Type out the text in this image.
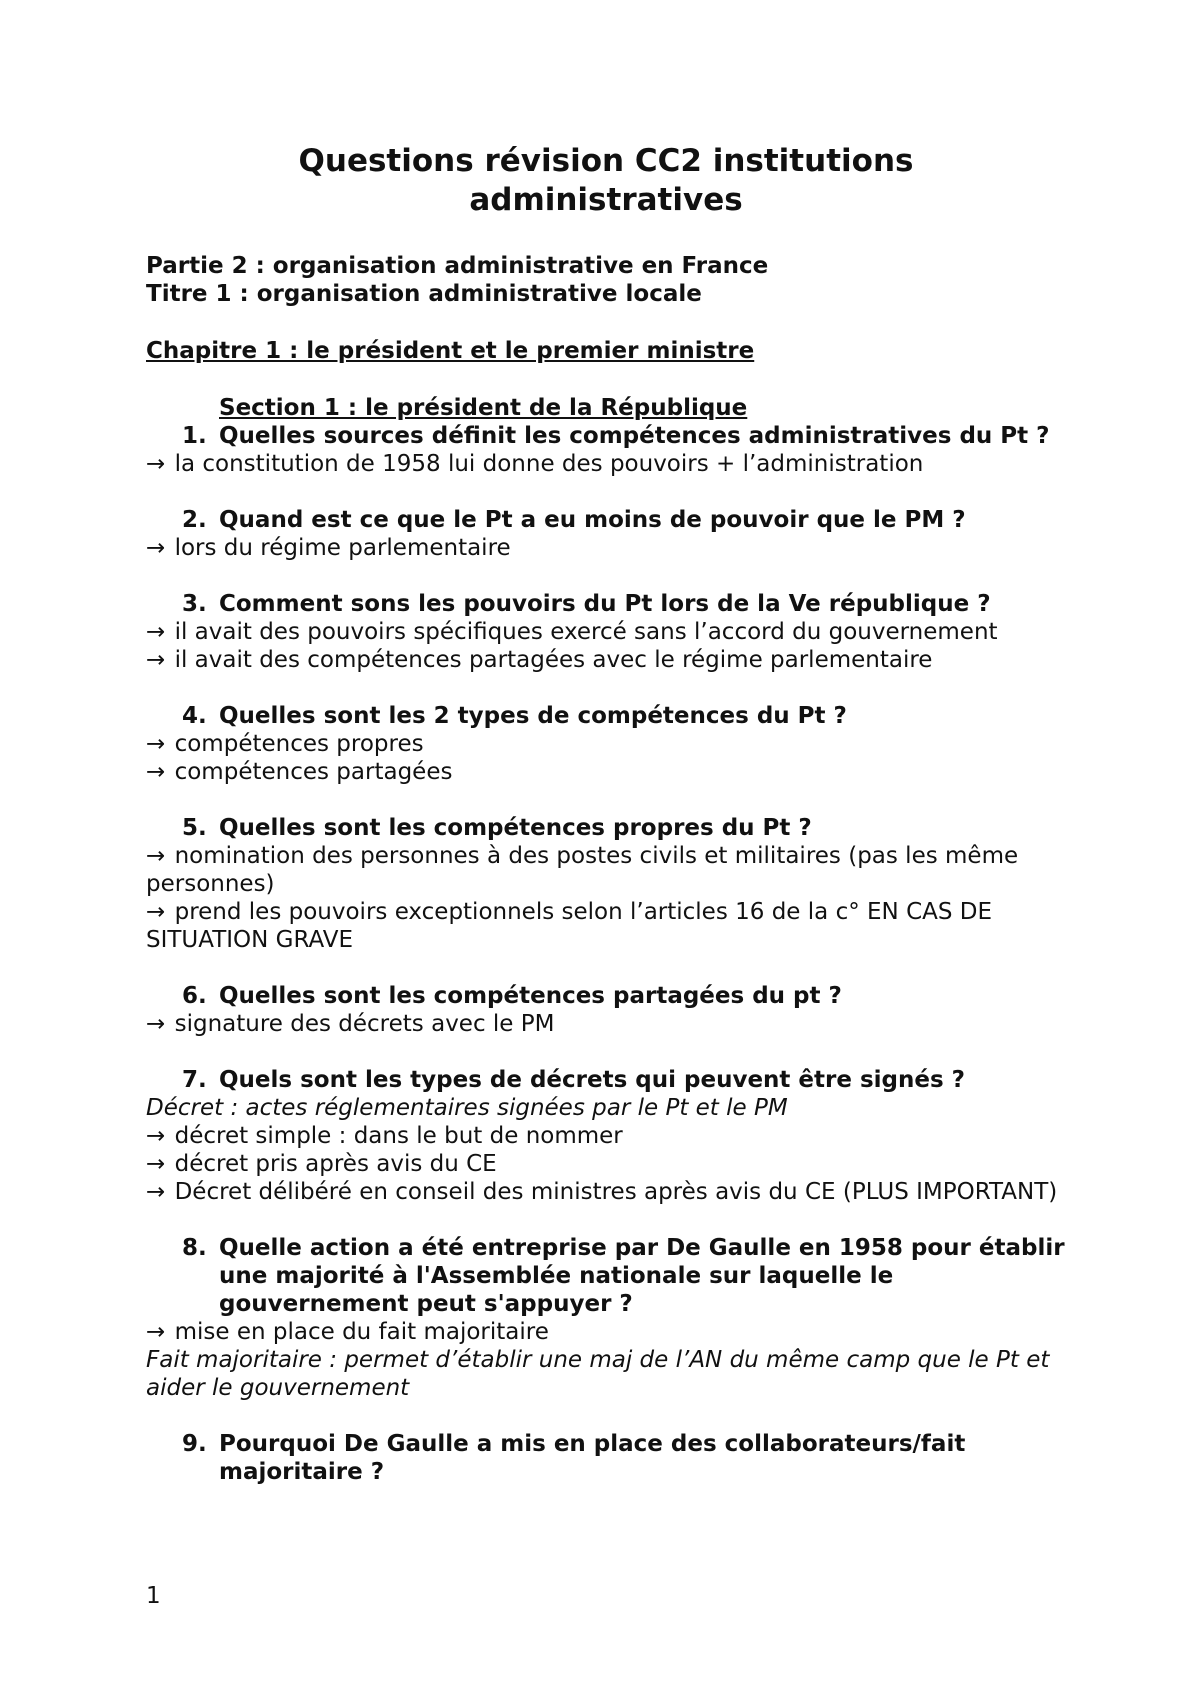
Questions révision CC2 institutions
administratives
Partie 2 : organisation administrative en France
Titre 1 : organisation administrative locale
Chapitre 1 : le président et le premier ministre
Section 1 : le président de la République
1. Quelles sources définit les compétences administratives du Pt ?
→ la constitution de 1958 lui donne des pouvoirs + l’administration
2. Quand est ce que le Pt a eu moins de pouvoir que le PM ?
→ lors du régime parlementaire
3. Comment sons les pouvoirs du Pt lors de la Ve république ?
→ il avait des pouvoirs spécifiques exercé sans l’accord du gouvernement
→ il avait des compétences partagées avec le régime parlementaire
4. Quelles sont les 2 types de compétences du Pt ?
→ compétences propres
→ compétences partagées
5. Quelles sont les compétences propres du Pt ?
→ nomination des personnes à des postes civils et militaires (pas les même personnes)
→ prend les pouvoirs exceptionnels selon l’articles 16 de la c° EN CAS DE SITUATION GRAVE
6. Quelles sont les compétences partagées du pt ?
→ signature des décrets avec le PM
7. Quels sont les types de décrets qui peuvent être signés ?
Décret : actes réglementaires signées par le Pt et le PM
→ décret simple : dans le but de nommer
→ décret pris après avis du CE
→ Décret délibéré en conseil des ministres après avis du CE (PLUS IMPORTANT)
8. Quelle action a été entreprise par De Gaulle en 1958 pour établir une majorité à l'Assemblée nationale sur laquelle le gouvernement peut s'appuyer ?
→ mise en place du fait majoritaire
Fait majoritaire : permet d’établir une maj de l’AN du même camp que le Pt et aider le gouvernement
9. Pourquoi De Gaulle a mis en place des collaborateurs/fait majoritaire ?
1
